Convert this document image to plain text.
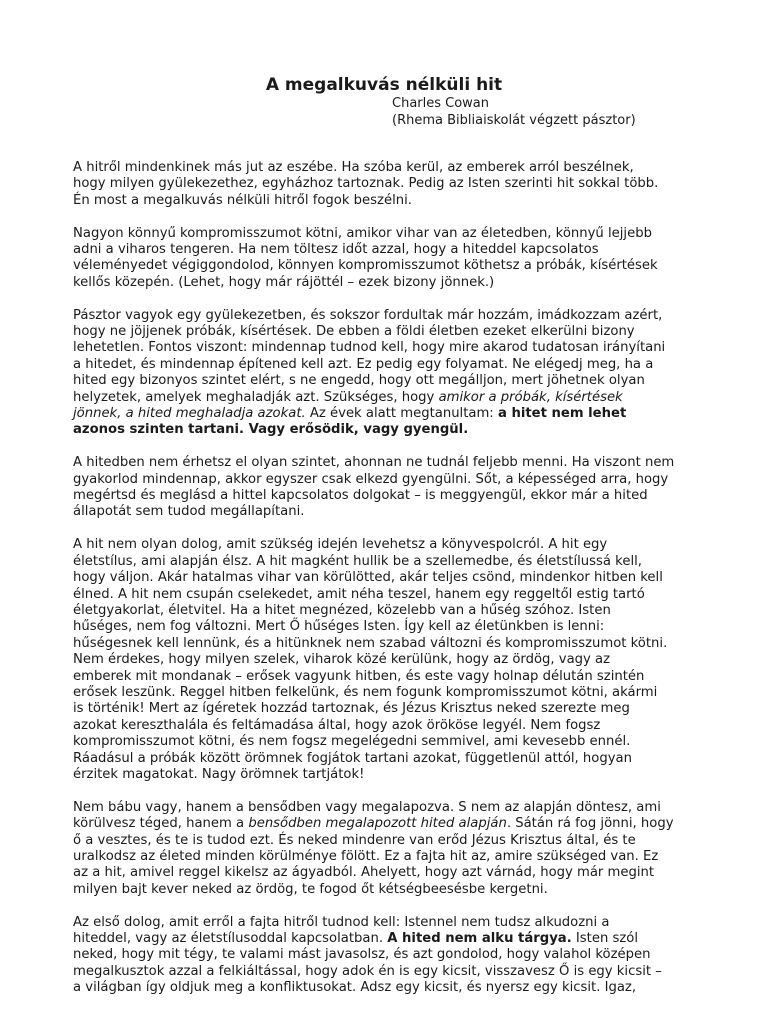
A megalkuvás nélküli hit
Charles Cowan
(Rhema Bibliaiskolát végzett pásztor)
A hitről mindenkinek más jut az eszébe. Ha szóba kerül, az emberek arról beszélnek,
hogy milyen gyülekezethez, egyházhoz tartoznak. Pedig az Isten szerinti hit sokkal több.
Én most a megalkuvás nélküli hitről fogok beszélni.
Nagyon könnyű kompromisszumot kötni, amikor vihar van az életedben, könnyű lejjebb
adni a viharos tengeren. Ha nem töltesz időt azzal, hogy a hiteddel kapcsolatos
véleményedet végiggondolod, könnyen kompromisszumot köthetsz a próbák, kísértések
kellős közepén. (Lehet, hogy már rájöttél – ezek bizony jönnek.)
Pásztor vagyok egy gyülekezetben, és sokszor fordultak már hozzám, imádkozzam azért,
hogy ne jöjjenek próbák, kísértések. De ebben a földi életben ezeket elkerülni bizony
lehetetlen. Fontos viszont: mindennap tudnod kell, hogy mire akarod tudatosan irányítani
a hitedet, és mindennap építened kell azt. Ez pedig egy folyamat. Ne elégedj meg, ha a
hited egy bizonyos szintet elért, s ne engedd, hogy ott megálljon, mert jöhetnek olyan
helyzetek, amelyek meghaladják azt. Szükséges, hogy amikor a próbák, kísértések
jönnek, a hited meghaladja azokat. Az évek alatt megtanultam: a hitet nem lehet
azonos szinten tartani. Vagy erősödik, vagy gyengül.
A hitedben nem érhetsz el olyan szintet, ahonnan ne tudnál feljebb menni. Ha viszont nem
gyakorlod mindennap, akkor egyszer csak elkezd gyengülni. Sőt, a képességed arra, hogy
megértsd és meglásd a hittel kapcsolatos dolgokat – is meggyengül, ekkor már a hited
állapotát sem tudod megállapítani.
A hit nem olyan dolog, amit szükség idején levehetsz a könyvespolcról. A hit egy
életstílus, ami alapján élsz. A hit magként hullik be a szellemedbe, és életstílussá kell,
hogy váljon. Akár hatalmas vihar van körülötted, akár teljes csönd, mindenkor hitben kell
élned. A hit nem csupán cselekedet, amit néha teszel, hanem egy reggeltől estig tartó
életgyakorlat, életvitel. Ha a hitet megnézed, közelebb van a hűség szóhoz. Isten
hűséges, nem fog változni. Mert Ő hűséges Isten. Így kell az életünkben is lenni:
hűségesnek kell lennünk, és a hitünknek nem szabad változni és kompromisszumot kötni.
Nem érdekes, hogy milyen szelek, viharok közé kerülünk, hogy az ördög, vagy az
emberek mit mondanak – erősek vagyunk hitben, és este vagy holnap délután szintén
erősek leszünk. Reggel hitben felkelünk, és nem fogunk kompromisszumot kötni, akármi
is történik! Mert az ígéretek hozzád tartoznak, és Jézus Krisztus neked szerezte meg
azokat kereszthalála és feltámadása által, hogy azok örököse legyél. Nem fogsz
kompromisszumot kötni, és nem fogsz megelégedni semmivel, ami kevesebb ennél.
Ráadásul a próbák között örömnek fogjátok tartani azokat, függetlenül attól, hogyan
érzitek magatokat. Nagy örömnek tartjátok!
Nem bábu vagy, hanem a bensődben vagy megalapozva. S nem az alapján döntesz, ami
körülvesz téged, hanem a bensődben megalapozott hited alapján. Sátán rá fog jönni, hogy
ő a vesztes, és te is tudod ezt. És neked mindenre van erőd Jézus Krisztus által, és te
uralkodsz az életed minden körülménye fölött. Ez a fajta hit az, amire szükséged van. Ez
az a hit, amivel reggel kikelsz az ágyadból. Ahelyett, hogy azt várnád, hogy már megint
milyen bajt kever neked az ördög, te fogod őt kétségbeesésbe kergetni.
Az első dolog, amit erről a fajta hitről tudnod kell: Istennel nem tudsz alkudozni a
hiteddel, vagy az életstílusoddal kapcsolatban. A hited nem alku tárgya. Isten szól
neked, hogy mit tégy, te valami mást javasolsz, és azt gondolod, hogy valahol középen
megalkusztok azzal a felkiáltással, hogy adok én is egy kicsit, visszavesz Ő is egy kicsit –
a világban így oldjuk meg a konfliktusokat. Adsz egy kicsit, és nyersz egy kicsit. Igaz,
